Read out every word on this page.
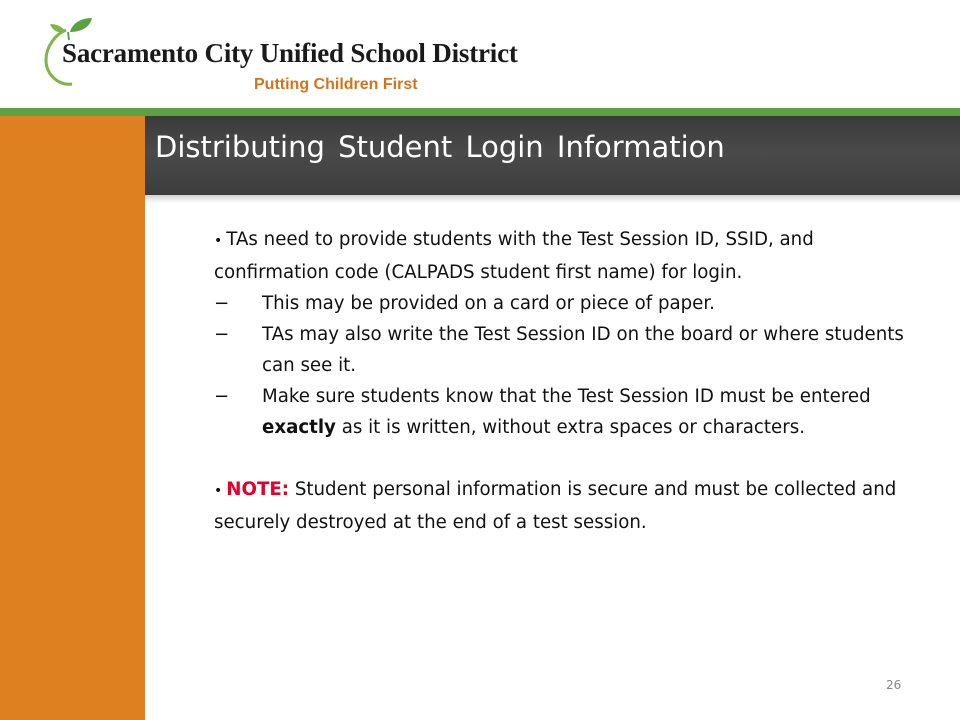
Sacramento City Unified School District
Putting Children First
Distributing Student Login Information

• TAs need to provide students with the Test Session ID, SSID, and confirmation code (CALPADS student first name) for login.

− This may be provided on a card or piece of paper.

− TAs may also write the Test Session ID on the board or where students can see it.

− Make sure students know that the Test Session ID must be entered exactly as it is written, without extra spaces or characters.

• NOTE: Student personal information is secure and must be collected and securely destroyed at the end of a test session.

26
